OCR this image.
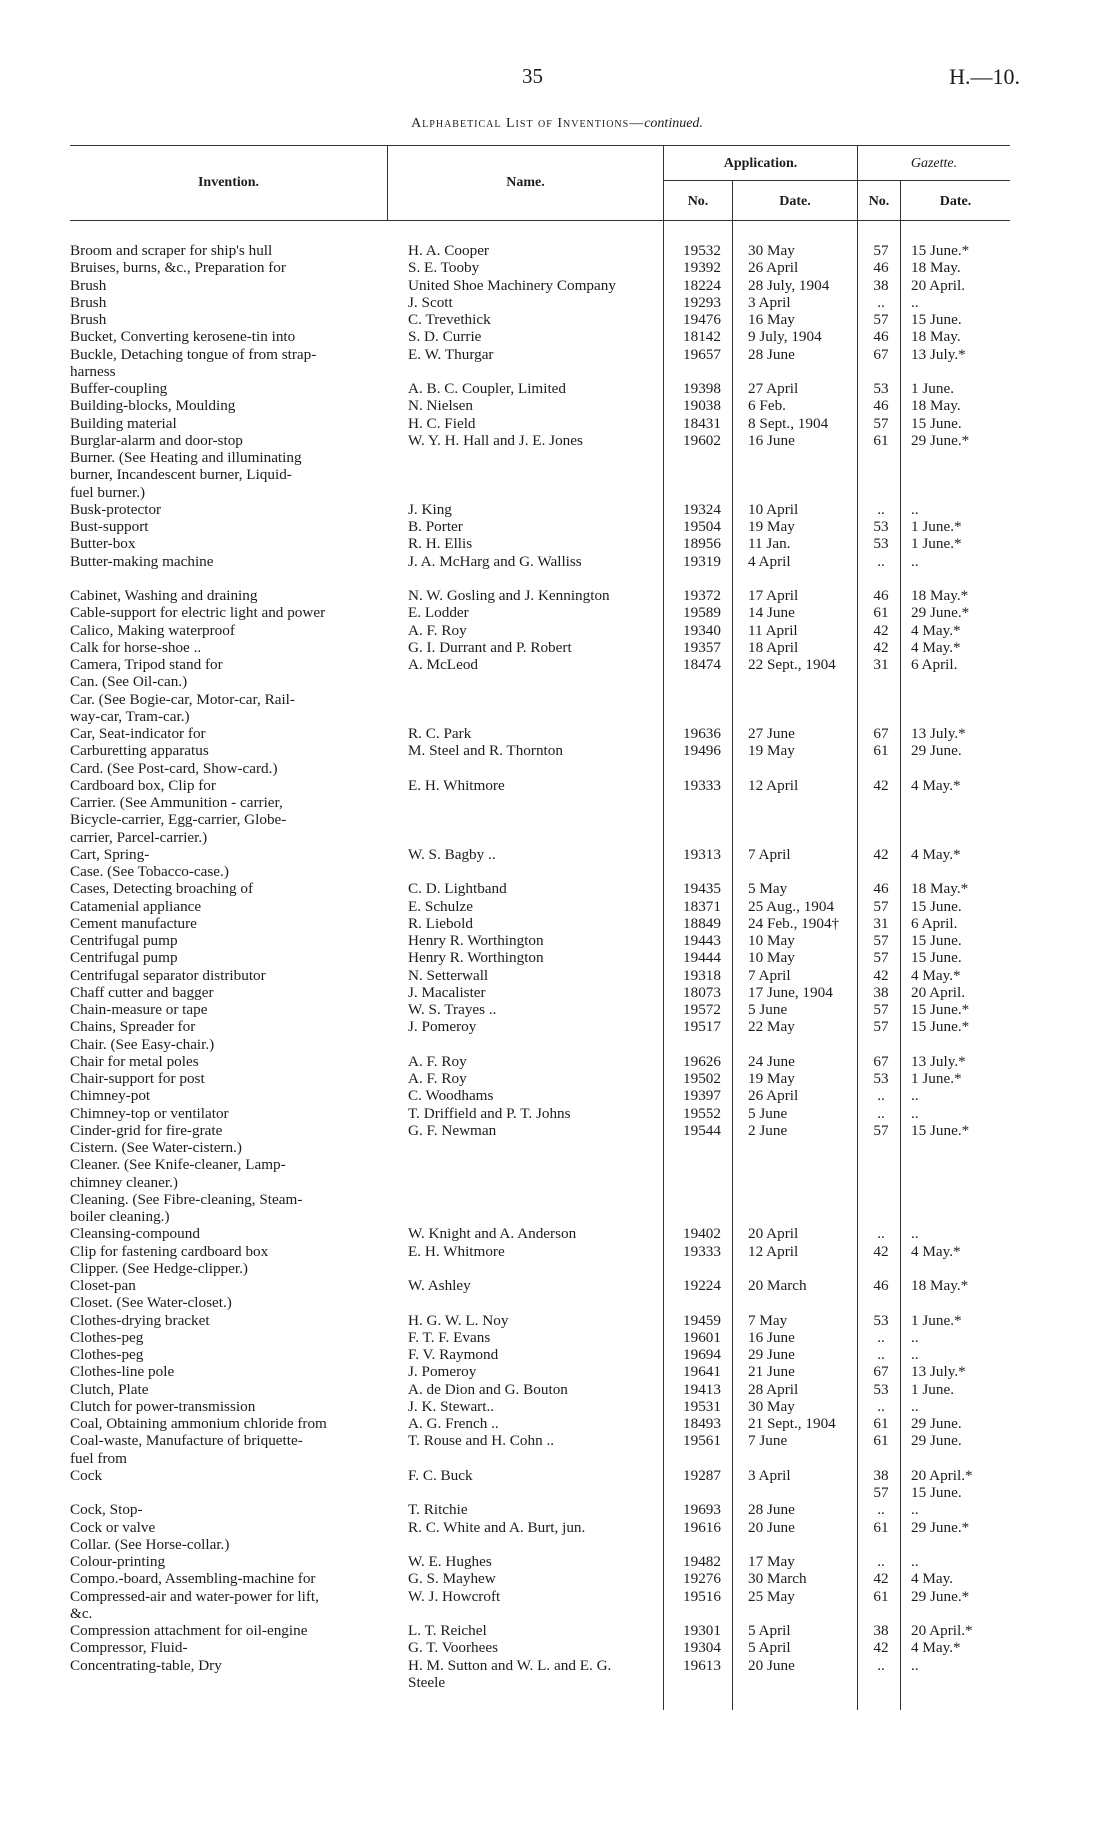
35	H.—10.
Alphabetical List of Inventions—continued.
Invention.	Name.
Application.
No.	Date.
Gazette.
No.	Date.
Broom and scraper for ship's hull	H. A. Cooper	19532	30 May	57	15 June.*
Bruises, burns, &c., Preparation for	S. E. Tooby	19392	26 April	46	18 May.
Brush	United Shoe Machinery Company	18224	28 July, 1904	38	20 April.
Brush	J. Scott	19293	3 April	..	..
Brush	C. Trevethick	19476	16 May	57	15 June.
Bucket, Converting kerosene-tin into	S. D. Currie	18142	9 July, 1904	46	18 May.
Buckle, Detaching tongue of from strap-	E. W. Thurgar	19657	28 June	67	13 July.*
harness					
Buffer-coupling	A. B. C. Coupler, Limited	19398	27 April	53	1 June.
Building-blocks, Moulding	N. Nielsen	19038	6 Feb.	46	18 May.
Building material	H. C. Field	18431	8 Sept., 1904	57	15 June.
Burglar-alarm and door-stop	W. Y. H. Hall and J. E. Jones	19602	16 June	61	29 June.*
Burner. (See Heating and illuminating					
burner, Incandescent burner, Liquid-					
fuel burner.)					
Busk-protector	J. King	19324	10 April	..	..
Bust-support	B. Porter	19504	19 May	53	1 June.*
Butter-box	R. H. Ellis	18956	11 Jan.	53	1 June.*
Butter-making machine	J. A. McHarg and G. Walliss	19319	4 April	..	..

Cabinet, Washing and draining	N. W. Gosling and J. Kennington	19372	17 April	46	18 May.*
Cable-support for electric light and power	E. Lodder	19589	14 June	61	29 June.*
Calico, Making waterproof	A. F. Roy	19340	11 April	42	4 May.*
Calk for horse-shoe ..	G. I. Durrant and P. Robert	19357	18 April	42	4 May.*
Camera, Tripod stand for	A. McLeod	18474	22 Sept., 1904	31	6 April.
Can. (See Oil-can.)					
Car. (See Bogie-car, Motor-car, Rail-					
way-car, Tram-car.)					
Car, Seat-indicator for	R. C. Park	19636	27 June	67	13 July.*
Carburetting apparatus	M. Steel and R. Thornton	19496	19 May	61	29 June.
Card. (See Post-card, Show-card.)					
Cardboard box, Clip for	E. H. Whitmore	19333	12 April	42	4 May.*
Carrier. (See Ammunition - carrier,					
Bicycle-carrier, Egg-carrier, Globe-					
carrier, Parcel-carrier.)					
Cart, Spring-	W. S. Bagby ..	19313	7 April	42	4 May.*
Case. (See Tobacco-case.)					
Cases, Detecting broaching of	C. D. Lightband	19435	5 May	46	18 May.*
Catamenial appliance	E. Schulze	18371	25 Aug., 1904	57	15 June.
Cement manufacture	R. Liebold	18849	24 Feb., 1904†	31	6 April.
Centrifugal pump	Henry R. Worthington	19443	10 May	57	15 June.
Centrifugal pump	Henry R. Worthington	19444	10 May	57	15 June.
Centrifugal separator distributor	N. Setterwall	19318	7 April	42	4 May.*
Chaff cutter and bagger	J. Macalister	18073	17 June, 1904	38	20 April.
Chain-measure or tape	W. S. Trayes ..	19572	5 June	57	15 June.*
Chains, Spreader for	J. Pomeroy	19517	22 May	57	15 June.*
Chair. (See Easy-chair.)					
Chair for metal poles	A. F. Roy	19626	24 June	67	13 July.*
Chair-support for post	A. F. Roy	19502	19 May	53	1 June.*
Chimney-pot	C. Woodhams	19397	26 April	..	..
Chimney-top or ventilator	T. Driffield and P. T. Johns	19552	5 June	..	..
Cinder-grid for fire-grate	G. F. Newman	19544	2 June	57	15 June.*
Cistern. (See Water-cistern.)					
Cleaner. (See Knife-cleaner, Lamp-					
chimney cleaner.)					
Cleaning. (See Fibre-cleaning, Steam-					
boiler cleaning.)					
Cleansing-compound	W. Knight and A. Anderson	19402	20 April	..	..
Clip for fastening cardboard box	E. H. Whitmore	19333	12 April	42	4 May.*
Clipper. (See Hedge-clipper.)					
Closet-pan	W. Ashley	19224	20 March	46	18 May.*
Closet. (See Water-closet.)					
Clothes-drying bracket	H. G. W. L. Noy	19459	7 May	53	1 June.*
Clothes-peg	F. T. F. Evans	19601	16 June	..	..
Clothes-peg	F. V. Raymond	19694	29 June	..	..
Clothes-line pole	J. Pomeroy	19641	21 June	67	13 July.*
Clutch, Plate	A. de Dion and G. Bouton	19413	28 April	53	1 June.
Clutch for power-transmission	J. K. Stewart..	19531	30 May	..	..
Coal, Obtaining ammonium chloride from	A. G. French ..	18493	21 Sept., 1904	61	29 June.
Coal-waste, Manufacture of briquette-	T. Rouse and H. Cohn ..	19561	7 June	61	29 June.
fuel from					
Cock	F. C. Buck	19287	3 April	38	20 April.*
				57	15 June.
Cock, Stop-	T. Ritchie	19693	28 June	..	..
Cock or valve	R. C. White and A. Burt, jun.	19616	20 June	61	29 June.*
Collar. (See Horse-collar.)					
Colour-printing	W. E. Hughes	19482	17 May	..	..
Compo.-board, Assembling-machine for	G. S. Mayhew	19276	30 March	42	4 May.
Compressed-air and water-power for lift,	W. J. Howcroft	19516	25 May	61	29 June.*
&c.					
Compression attachment for oil-engine	L. T. Reichel	19301	5 April	38	20 April.*
Compressor, Fluid-	G. T. Voorhees	19304	5 April	42	4 May.*
Concentrating-table, Dry	H. M. Sutton and W. L. and E. G.	19613	20 June	..	..
	Steele				
